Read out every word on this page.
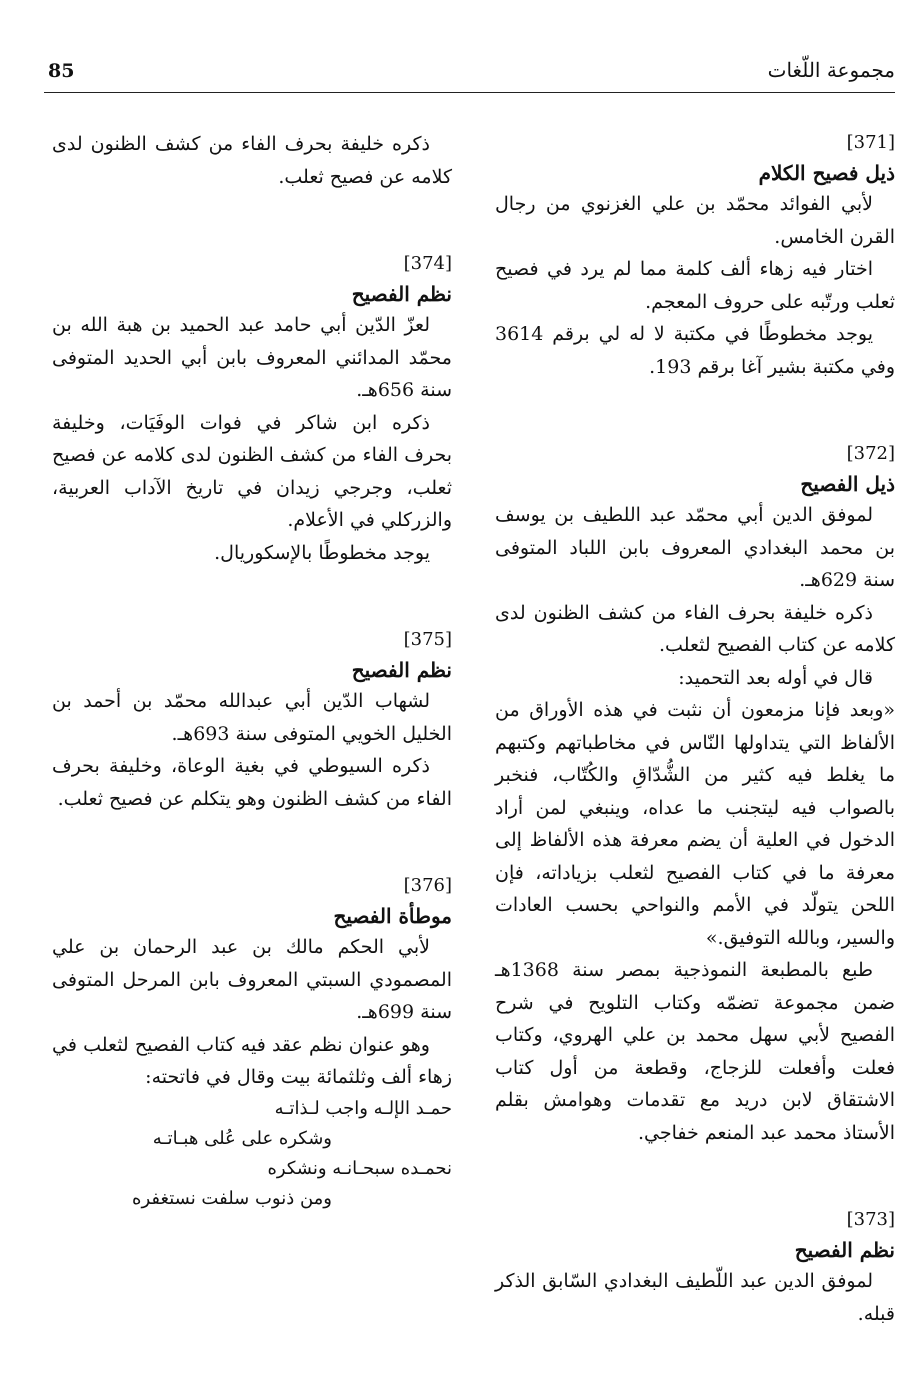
85	مجموعة اللّغات
[371]
ذيل فصيح الكلام

لأبي الفوائد محمّد بن علي الغزنوي من رجال القرن الخامس.

اختار فيه زهاء ألف كلمة مما لم يرد في فصيح ثعلب ورتّبه على حروف المعجم.

يوجد مخطوطًا في مكتبة لا له لي برقم 3614 وفي مكتبة بشير آغا برقم 193.

[372]
ذيل الفصيح

لموفق الدين أبي محمّد عبد اللطيف بن يوسف بن محمد البغدادي المعروف بابن اللباد المتوفى سنة 629هـ.

ذكره خليفة بحرف الفاء من كشف الظنون لدى كلامه عن كتاب الفصيح لثعلب.

قال في أوله بعد التحميد:

«وبعد فإنا مزمعون أن نثبت في هذه الأوراق من الألفاظ التي يتداولها النّاس في مخاطباتهم وكتبهم ما يغلط فيه كثير من الشُّدّاقِ والكُتّاب، فنخبر بالصواب فيه ليتجنب ما عداه، وينبغي لمن أراد الدخول في العلية أن يضم معرفة هذه الألفاظ إلى معرفة ما في كتاب الفصيح لثعلب بزياداته، فإن اللحن يتولّد في الأمم والنواحي بحسب العادات والسير، وبالله التوفيق.»

طبع بالمطبعة النموذجية بمصر سنة 1368هـ ضمن مجموعة تضمّه وكتاب التلويح في شرح الفصيح لأبي سهل محمد بن علي الهروي، وكتاب فعلت وأفعلت للزجاج، وقطعة من أول كتاب الاشتقاق لابن دريد مع تقدمات وهوامش بقلم الأستاذ محمد عبد المنعم خفاجي.

[373]
نظم الفصيح

لموفق الدين عبد اللّطيف البغدادي السّابق الذكر قبله.

ذكره خليفة بحرف الفاء من كشف الظنون لدى كلامه عن فصيح ثعلب.

[374]
نظم الفصيح

لعزّ الدّين أبي حامد عبد الحميد بن هبة الله بن محمّد المدائني المعروف بابن أبي الحديد المتوفى سنة 656هـ.

ذكره ابن شاكر في فوات الوفَيَات، وخليفة بحرف الفاء من كشف الظنون لدى كلامه عن فصيح ثعلب، وجرجي زيدان في تاريخ الآداب العربية، والزركلي في الأعلام.

يوجد مخطوطًا بالإسكوريال.

[375]
نظم الفصيح

لشهاب الدّين أبي عبدالله محمّد بن أحمد بن الخليل الخويي المتوفى سنة 693هـ.

ذكره السيوطي في بغية الوعاة، وخليفة بحرف الفاء من كشف الظنون وهو يتكلم عن فصيح ثعلب.

[376]
موطأة الفصيح

لأبي الحكم مالك بن عبد الرحمان بن علي المصمودي السبتي المعروف بابن المرحل المتوفى سنة 699هـ.

وهو عنوان نظم عقد فيه كتاب الفصيح لثعلب في زهاء ألف وثلثمائة بيت وقال في فاتحته:

حمـد الإلـه واجب لـذاتـه
وشكره على عُلى هبـاتـه
نحمـده سبحـانـه ونشكره
ومن ذنوب سلفت نستغفره
